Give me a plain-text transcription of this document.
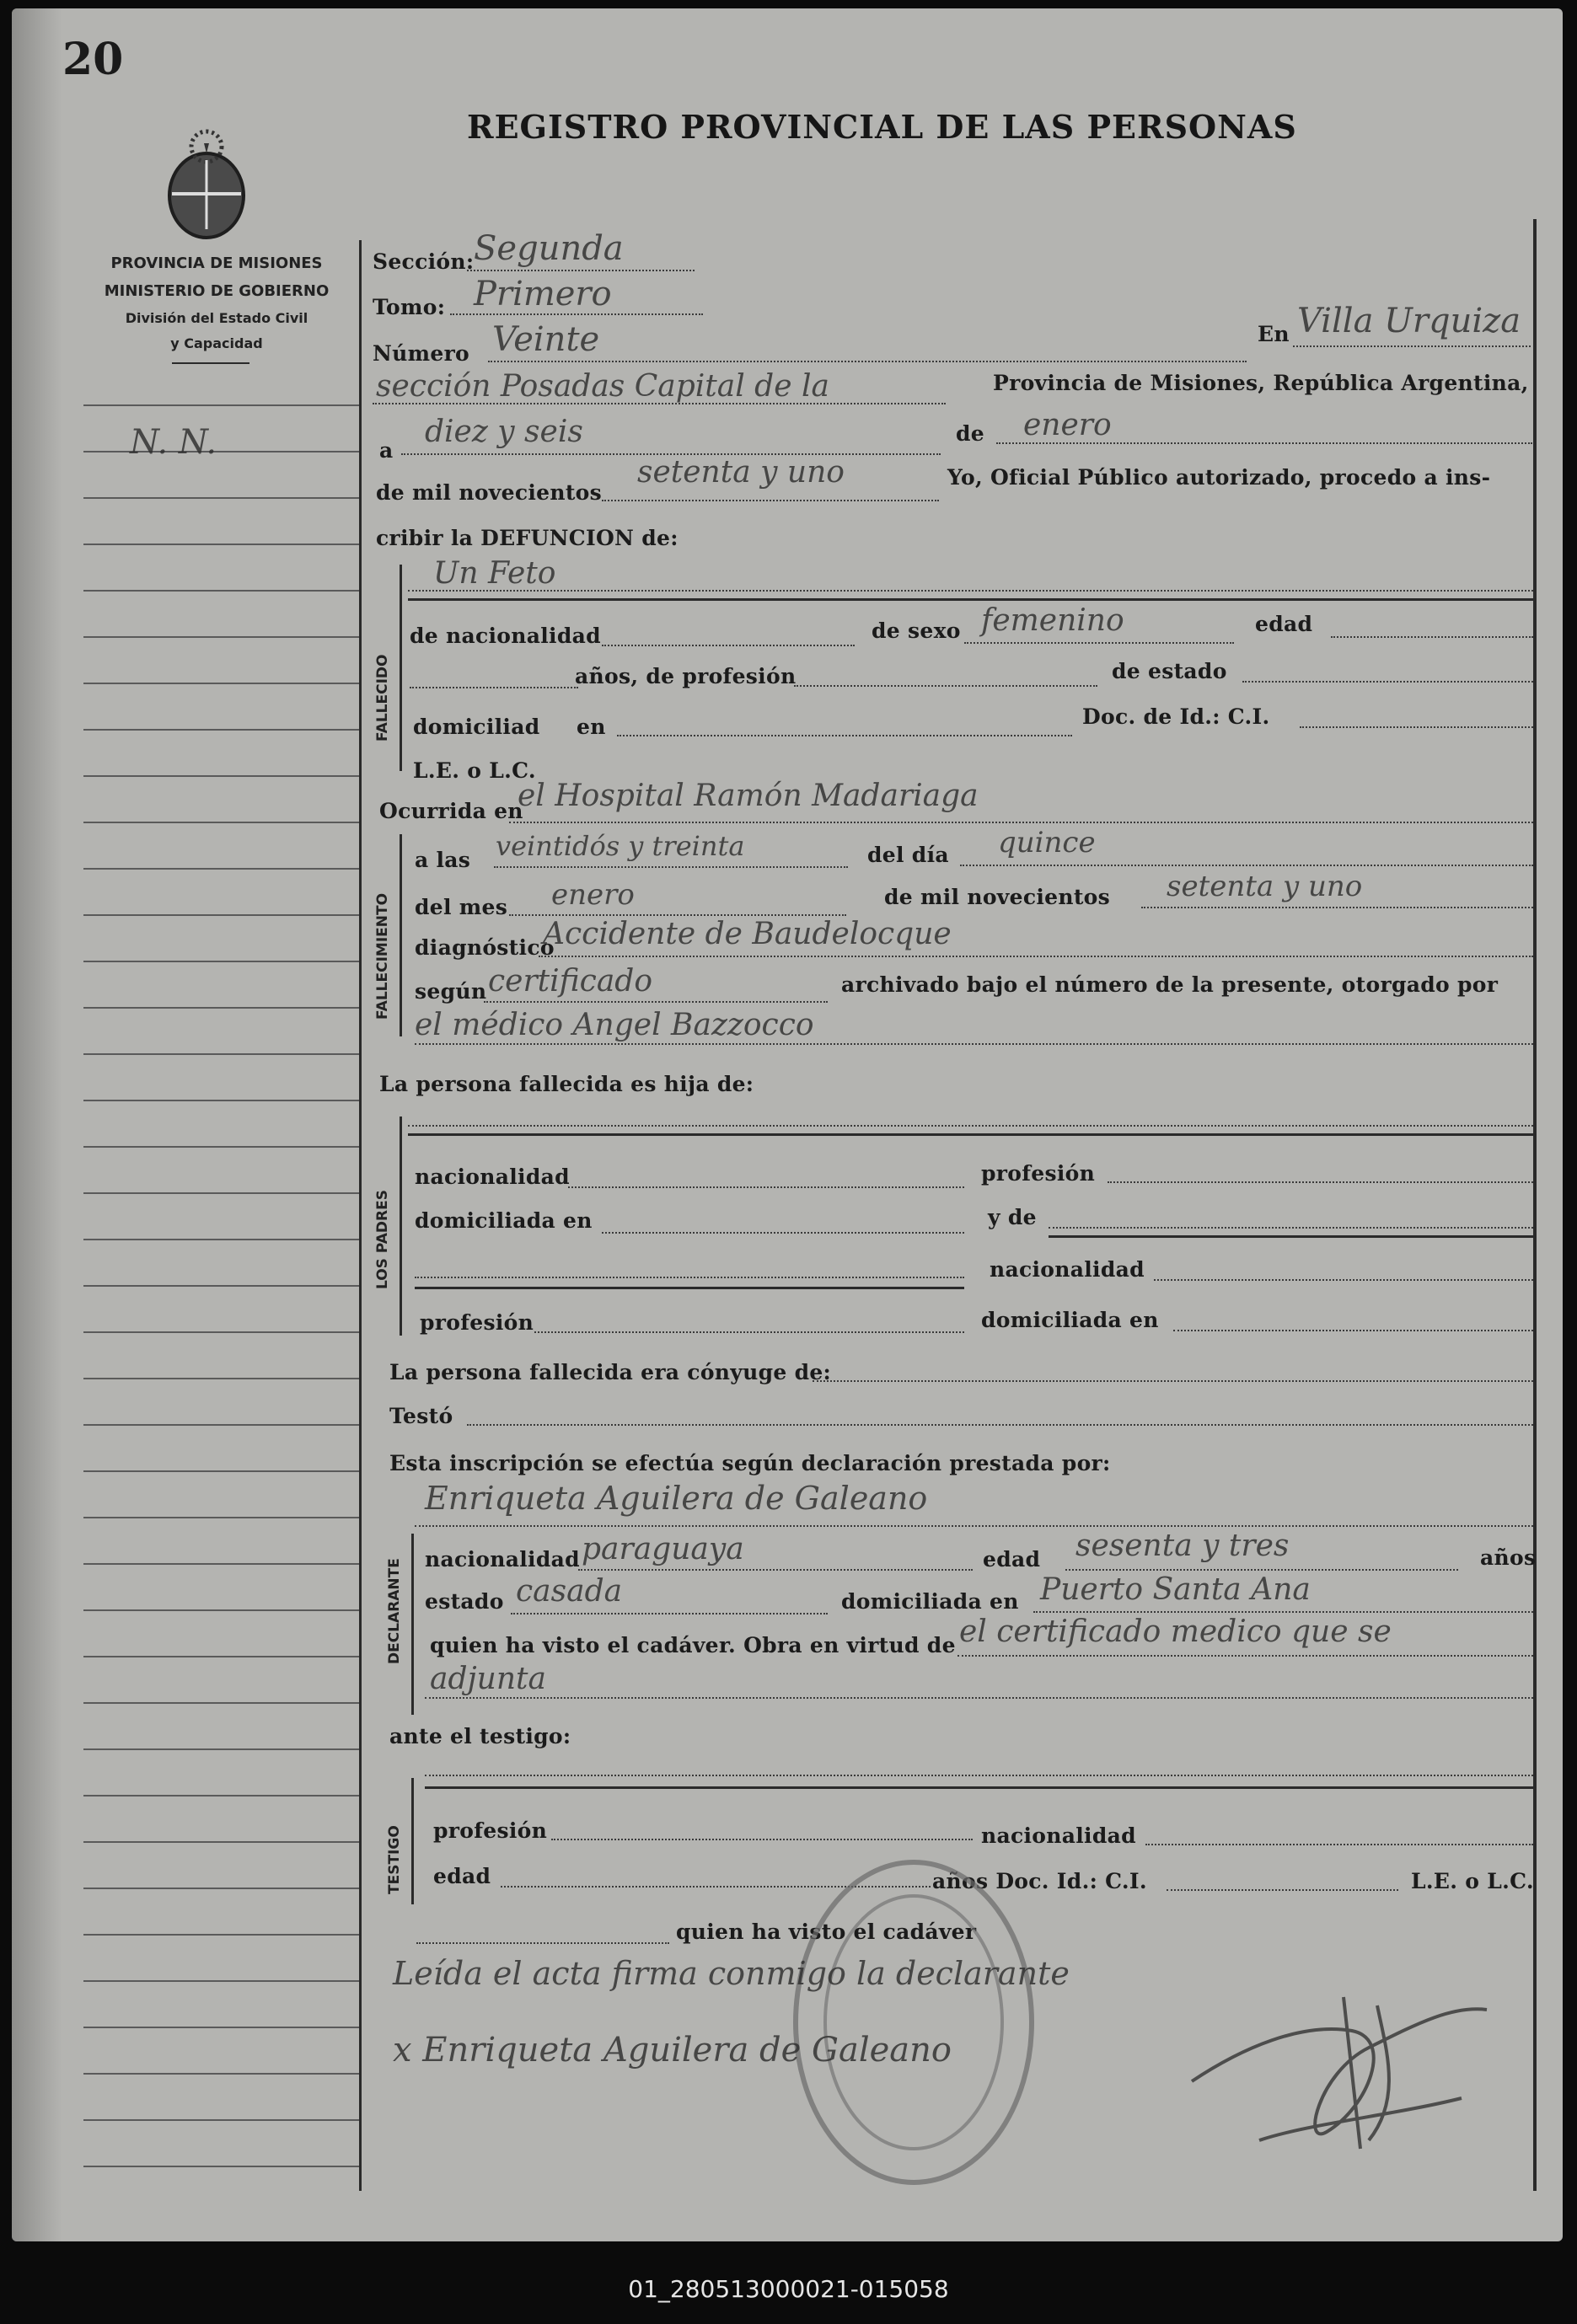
20
PROVINCIA DE MISIONES
MINISTERIO DE GOBIERNO
División del Estado Civil
y Capacidad
REGISTRO PROVINCIAL DE LAS PERSONAS
N. N.
Sección: Segunda
Tomo: Primero
Número Veinte	En Villa Urquiza
sección Posadas Capital de la	Provincia de Misiones, República Argentina,
a
diez y seis	de enero
de mil novecientos
setenta y uno	Yo, Oficial Público autorizado, procedo a ins-
cribir la DEFUNCION de:
FALLECIDO
Un Feto
de nacionalidad	de sexo femenino	edad
años, de profesión	de estado
domiciliad en	Doc. de Id.: C.I.
L.E. o L.C.
Ocurrida en
el Hospital Ramón Madariaga
FALLECIMIENTO
a las veintidós y treinta	del día quince
del mes enero	de mil novecientos setenta y uno
diagnóstico
Accidente de Baudelocque
según certificado	archivado bajo el número de la presente, otorgado por
el médico Angel Bazzocco
La persona fallecida es hija de:
LOS PADRES
nacionalidad	profesión
domiciliada en	y de
nacionalidad
profesión	domiciliada en
La persona fallecida era cónyuge de:
Testó
Esta inscripción se efectúa según declaración prestada por:
Enriqueta Aguilera de Galeano
DECLARANTE nacionalidad paraguaya	edad sesenta y tres	años
estado casada	domiciliada en Puerto Santa Ana
quien ha visto el cadáver. Obra en virtud de el certificado medico que se
adjunta
ante el testigo:
TESTIGO profesión	nacionalidad
edad	años Doc. Id.: C.I.	L.E. o L.C.
quien ha visto el cadáver
Leída el acta firma conmigo la declarante
x Enriqueta Aguilera de Galeano
01_280513000021-015058
